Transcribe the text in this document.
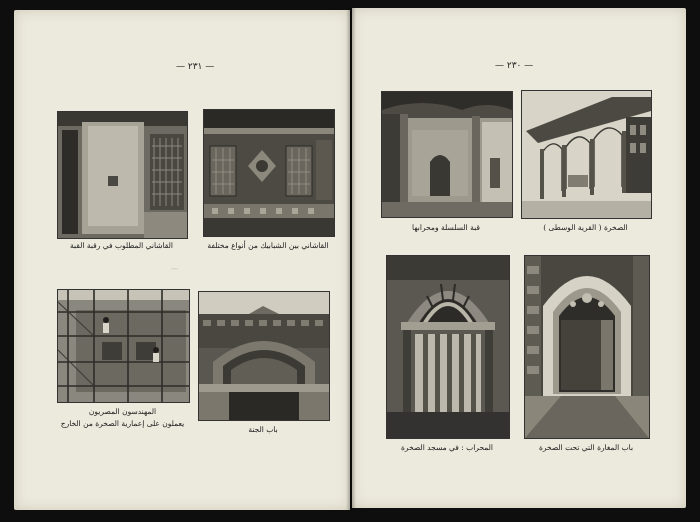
— ٢٣١ —
~
القاشاني المطلوب في رقبة القبة	القاشاني بين الشبابيك من أنواع مختلفة
المهندسون المصريون
يعملون على إعمارية الصخرة من الخارج
باب الجنة
— ٢٣٠ —
قبة السلسلة ومحرابها	الصخرة ( القرية الوسطى )
المحراب : في مسجد الصخرة	باب المغارة التي تحت الصخرة
